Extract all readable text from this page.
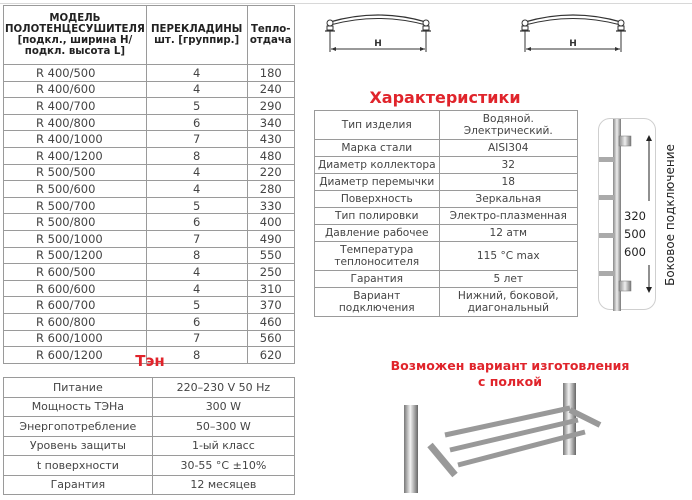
МОДЕЛЬ ПОЛОТЕНЦЕСУШИТЕЛЯ [подкл., ширина H/ подкл. высота L]	ПЕРЕКЛАДИНЫ шт. [группир.]	Тепло-отдача
R 400/500	4	180
R 400/600	4	240
R 400/700	5	290
R 400/800	6	340
R 400/1000	7	430
R 400/1200	8	480
R 500/500	4	220
R 500/600	4	280
R 500/700	5	330
R 500/800	6	400
R 500/1000	7	490
R 500/1200	8	550
R 600/500	4	250
R 600/600	4	310
R 600/700	5	370
R 600/800	6	460
R 600/1000	7	560
R 600/1200	8	620
Тэн
Питание	220–230 V 50 Hz
Мощность ТЭНа	300 W
Энергопотребление	50–300 W
Уровень защиты	1-ый класс
t поверхности	30-55 °C ±10%
Гарантия	12 месяцев
H	H
Характеристики
Тип изделия	Водяной. Электрический.
Марка стали	AISI304
Диаметр коллектора	32
Диаметр перемычки	18
Поверхность	Зеркальная
Тип полировки	Электро-плазменная
Давление рабочее	12 атм
Температура теплоносителя	115 °C max
Гарантия	5 лет
Вариант подключения	Нижний, боковой, диагональный
320
500
600	Боковое подключение
Возможен вариант изготовления
с полкой
